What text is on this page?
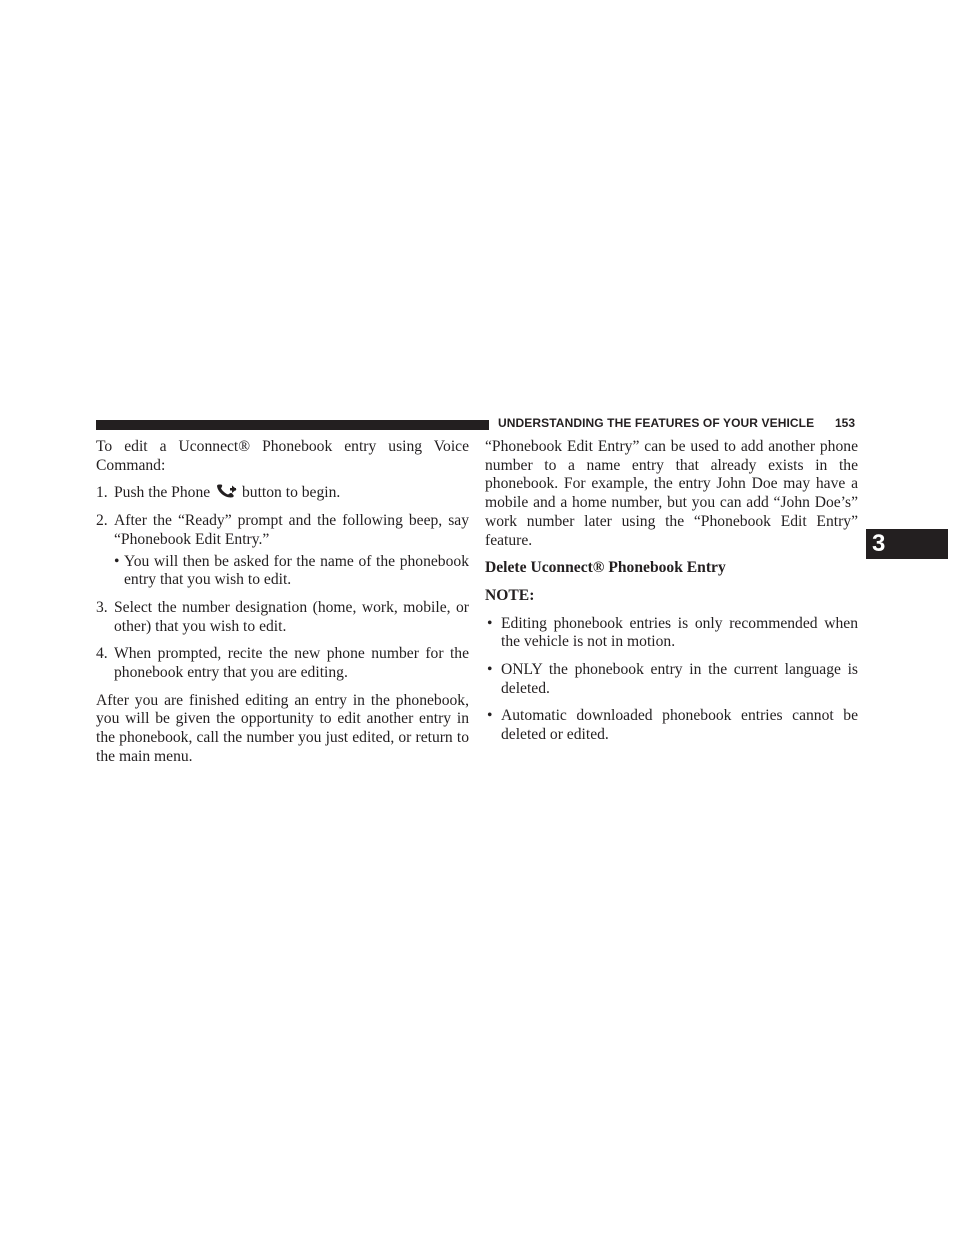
UNDERSTANDING THE FEATURES OF YOUR VEHICLE 153
3

To edit a Uconnect® Phonebook entry using Voice Command:

1. Push the Phone button to begin.
2. After the “Ready” prompt and the following beep, say “Phonebook Edit Entry.”
• You will then be asked for the name of the phonebook entry that you wish to edit.
3. Select the number designation (home, work, mobile, or other) that you wish to edit.
4. When prompted, recite the new phone number for the phonebook entry that you are editing.

After you are finished editing an entry in the phonebook, you will be given the opportunity to edit another entry in the phonebook, call the number you just edited, or return to the main menu.

“Phonebook Edit Entry” can be used to add another phone number to a name entry that already exists in the phonebook. For example, the entry John Doe may have a mobile and a home number, but you can add “John Doe’s” work number later using the “Phonebook Edit Entry” feature.

Delete Uconnect® Phonebook Entry

NOTE:

• Editing phonebook entries is only recommended when the vehicle is not in motion.
• ONLY the phonebook entry in the current language is deleted.
• Automatic downloaded phonebook entries cannot be deleted or edited.
